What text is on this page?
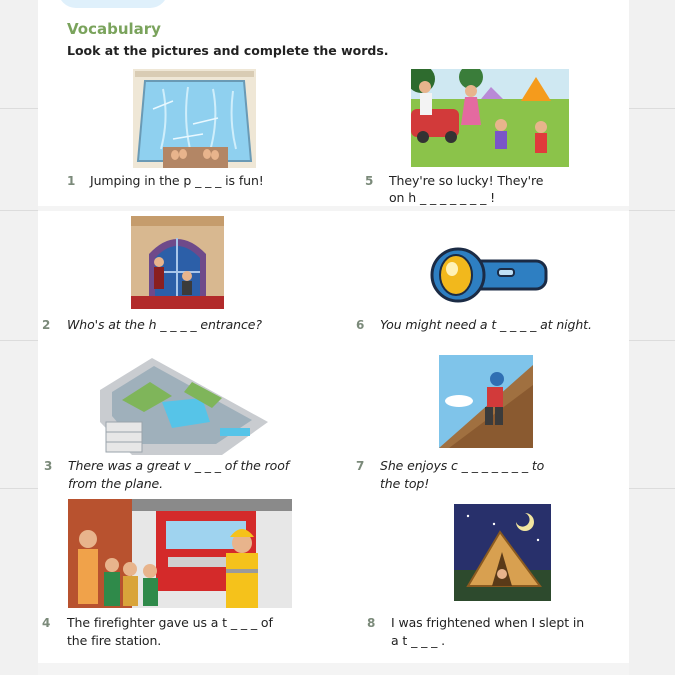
Vocabulary
Look at the pictures and complete the words.
1 Jumping in the p _ _ _ is fun!	5 They're so lucky! They're
on h _ _ _ _ _ _ _ !
2 Who's at the h _ _ _ _ entrance?	6 You might need a t _ _ _ _ at night.
3 There was a great v _ _ _ of the roof
from the plane.
7 She enjoys c _ _ _ _ _ _ _ to
the top!
4 The firefighter gave us a t _ _ _ of
the fire station.
8 I was frightened when I slept in
a t _ _ _ .
